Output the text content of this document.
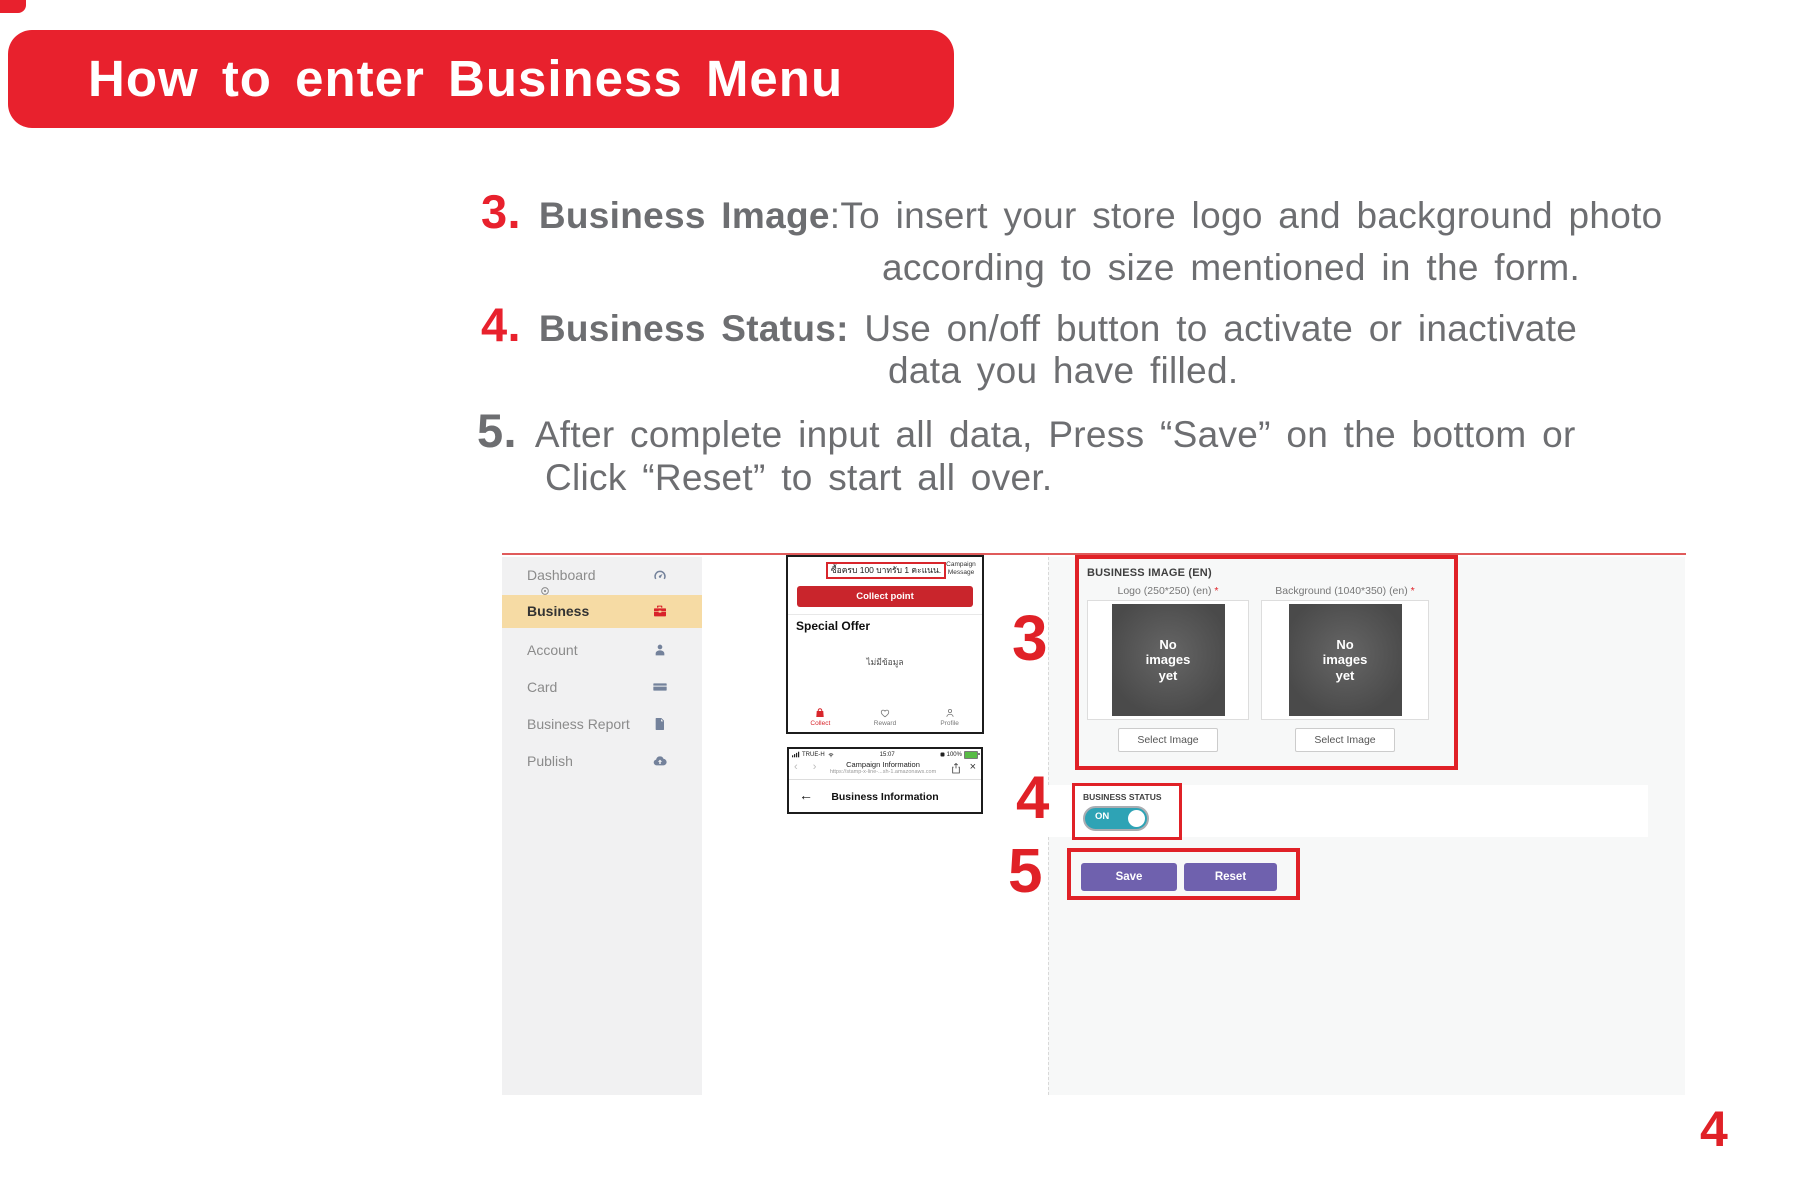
How to enter Business Menu
3. Business Image : To insert your store logo and background photo
according to size mentioned in the form.
4. Business Status:
Use on/off button to activate or inactivate
data you have filled.
5. After complete input all data, Press “Save” on the bottom or
Click “Reset” to start all over.
Dashboard
Business
Account
Card
Business Report
Publish
ซื้อครบ 100 บาทรับ 1 คะแนน.
Campaign Message
Collect point
Special Offer
ไม่มีข้อมูล
Collect	Reward	Profile
TRUE-H	15:07	100%
‹ ›	Campaign Information
https://stamp-x-line-...sh-1.amazonaws.com	×
←	Business Information
BUSINESS IMAGE (EN)
Logo (250*250) (en) *
No images yet
Select Image
Background (1040*350) (en) *
No images yet
Select Image
BUSINESS STATUS
ON
Save	Reset
3
4
5
4
